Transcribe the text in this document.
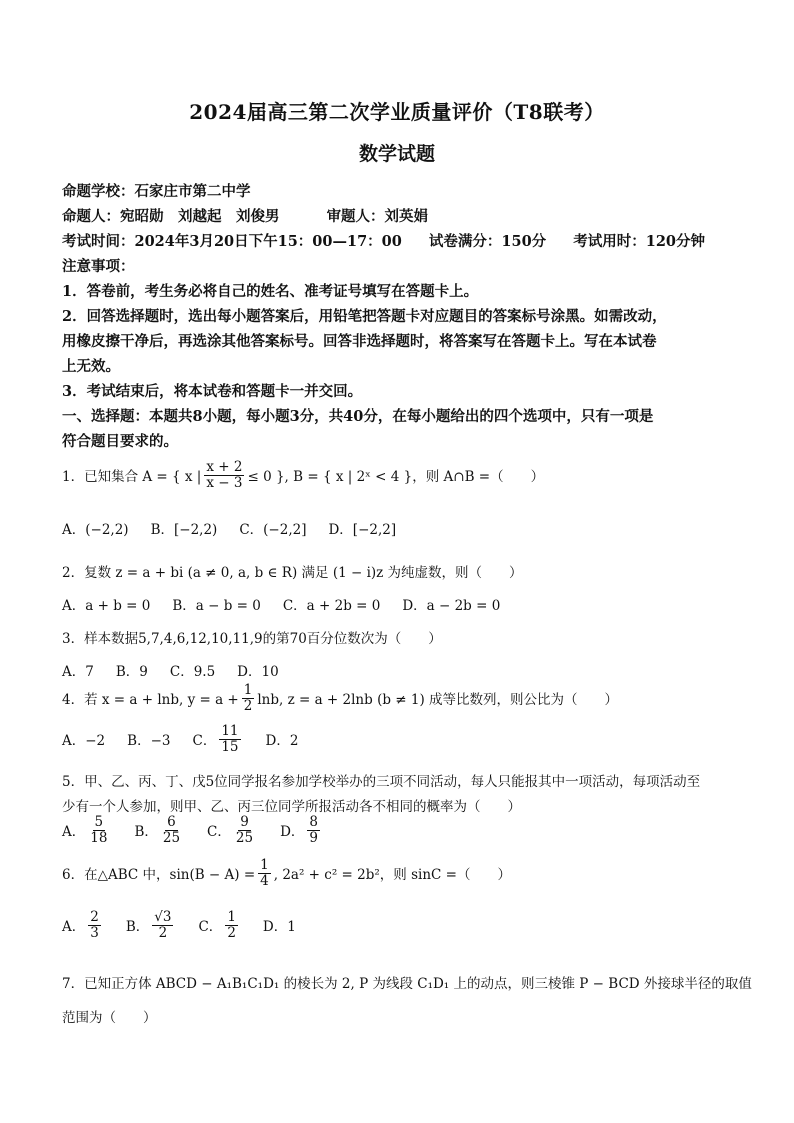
2024届高三第二次学业质量评价（T8联考）
数学试题
命题学校：石家庄市第二中学
命题人：宛昭勋　刘越起　刘俊男	审题人：刘英娟
考试时间：2024年3月20日下午15：00—17：00 试卷满分：150分 考试用时：120分钟
注意事项：
1．答卷前，考生务必将自己的姓名、准考证号填写在答题卡上。
2．回答选择题时，选出每小题答案后，用铅笔把答题卡对应题目的答案标号涂黑。如需改动，
用橡皮擦干净后，再选涂其他答案标号。回答非选择题时，将答案写在答题卡上。写在本试卷
上无效。
3．考试结束后，将本试卷和答题卡一并交回。
一、选择题：本题共8小题，每小题3分，共40分，在每小题给出的四个选项中，只有一项是
符合题目要求的。
1．已知集合 A = { x | $\frac{x + 2}{x - 3} \le 0$ }, B = { x | 2ˣ < 4 }，则 A∩B =（　　）
A．(−2,2) B．[−2,2) C．(−2,2] D．[−2,2]
2．复数 z = a + bi (a ≠ 0, a, b ∈ R) 满足 (1 − i)z 为纯虚数，则（　　）
A．a + b = 0 B．a − b = 0 C．a + 2b = 0 D．a − 2b = 0
3．样本数据5,7,4,6,12,10,11,9的第70百分位数次为（　　）
A．7 B．9 C．9.5 D．10
4．若 x = a + lnb, $y = a + \frac{1}{2} \ln b$, z = a + 2lnb (b ≠ 1) 成等比数列，则公比为（　　）
A．−2 B．−3 C． $\frac{11}{15}$ D．2
5．甲、乙、丙、丁、戊5位同学报名参加学校举办的三项不同活动，每人只能报其中一项活动，每项活动至
少有一个人参加，则甲、乙、丙三位同学所报活动各不相同的概率为（　　）
A． $\frac{5}{18}$ B． $\frac{6}{25}$ C． $\frac{9}{25}$ D． $\frac{8}{9}$
6．在△ABC 中，$\sin(B - A) = \frac{1}{4}$ , 2a² + c² = 2b²，则 sinC =（　　）
A． $\frac{2}{3}$ B． $\frac{√3}{2}$ C． $\frac{1}{2}$ D．1
7．已知正方体 ABCD − A₁B₁C₁D₁ 的棱长为 2, P 为线段 C₁D₁ 上的动点，则三棱锥 P − BCD 外接球半径的取值
范围为（　　）
